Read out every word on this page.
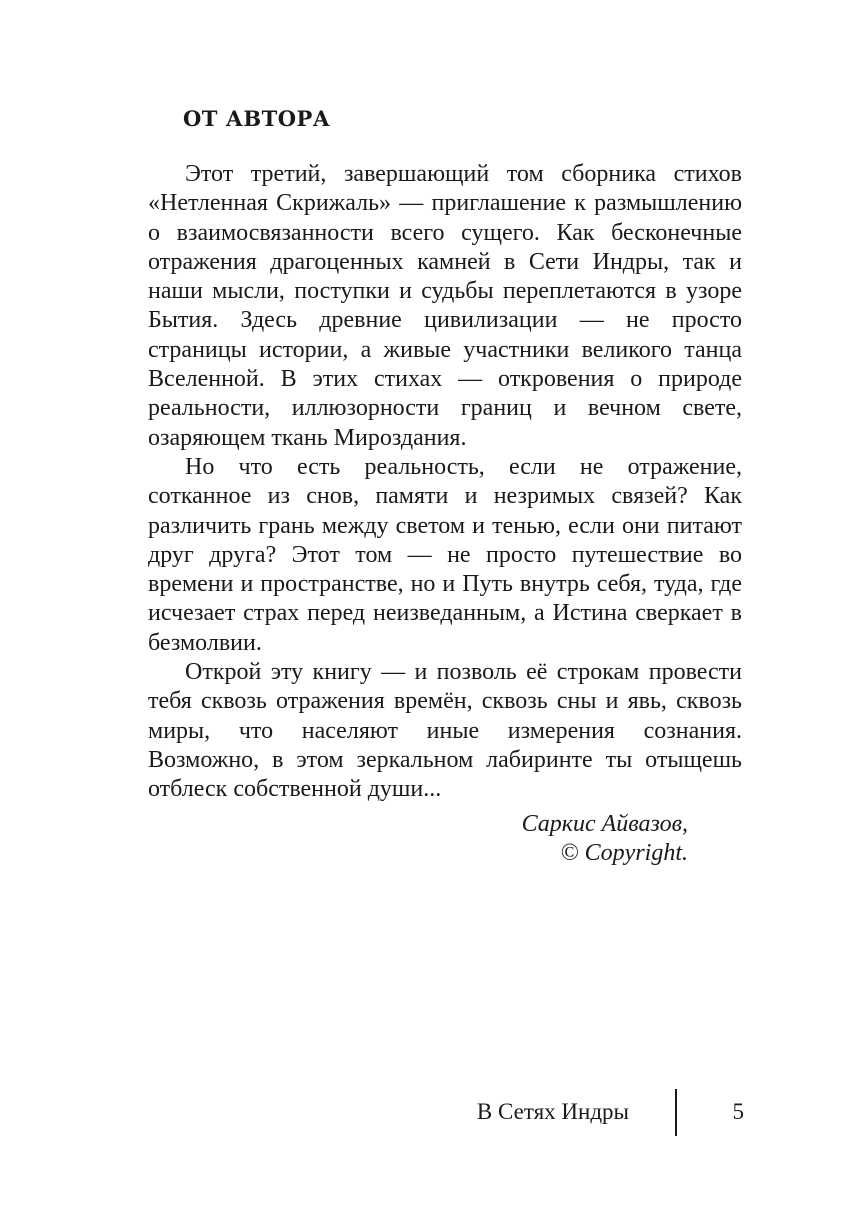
ОТ АВТОРА

Этот третий, завершающий том сборника стихов «Нетленная Скрижаль» — приглашение к размышлению о взаимосвязанности всего сущего. Как бесконечные отражения драгоценных камней в Сети Индры, так и наши мысли, поступки и судьбы переплетаются в узоре Бытия. Здесь древние цивилизации — не просто страницы истории, а живые участники великого танца Вселенной. В этих стихах — откровения о природе реальности, иллюзорности границ и вечном свете, озаряющем ткань Мироздания.

Но что есть реальность, если не отражение, сотканное из снов, памяти и незримых связей? Как различить грань между светом и тенью, если они питают друг друга? Этот том — не просто путешествие во времени и пространстве, но и Путь внутрь себя, туда, где исчезает страх перед неизведанным, а Истина сверкает в безмолвии.

Открой эту книгу — и позволь её строкам провести тебя сквозь отражения времён, сквозь сны и явь, сквозь миры, что населяют иные измерения сознания. Возможно, в этом зеркальном лабиринте ты отыщешь отблеск собственной души...

Саркис Айвазов,
© Copyright.
В Сетях Индры	5
